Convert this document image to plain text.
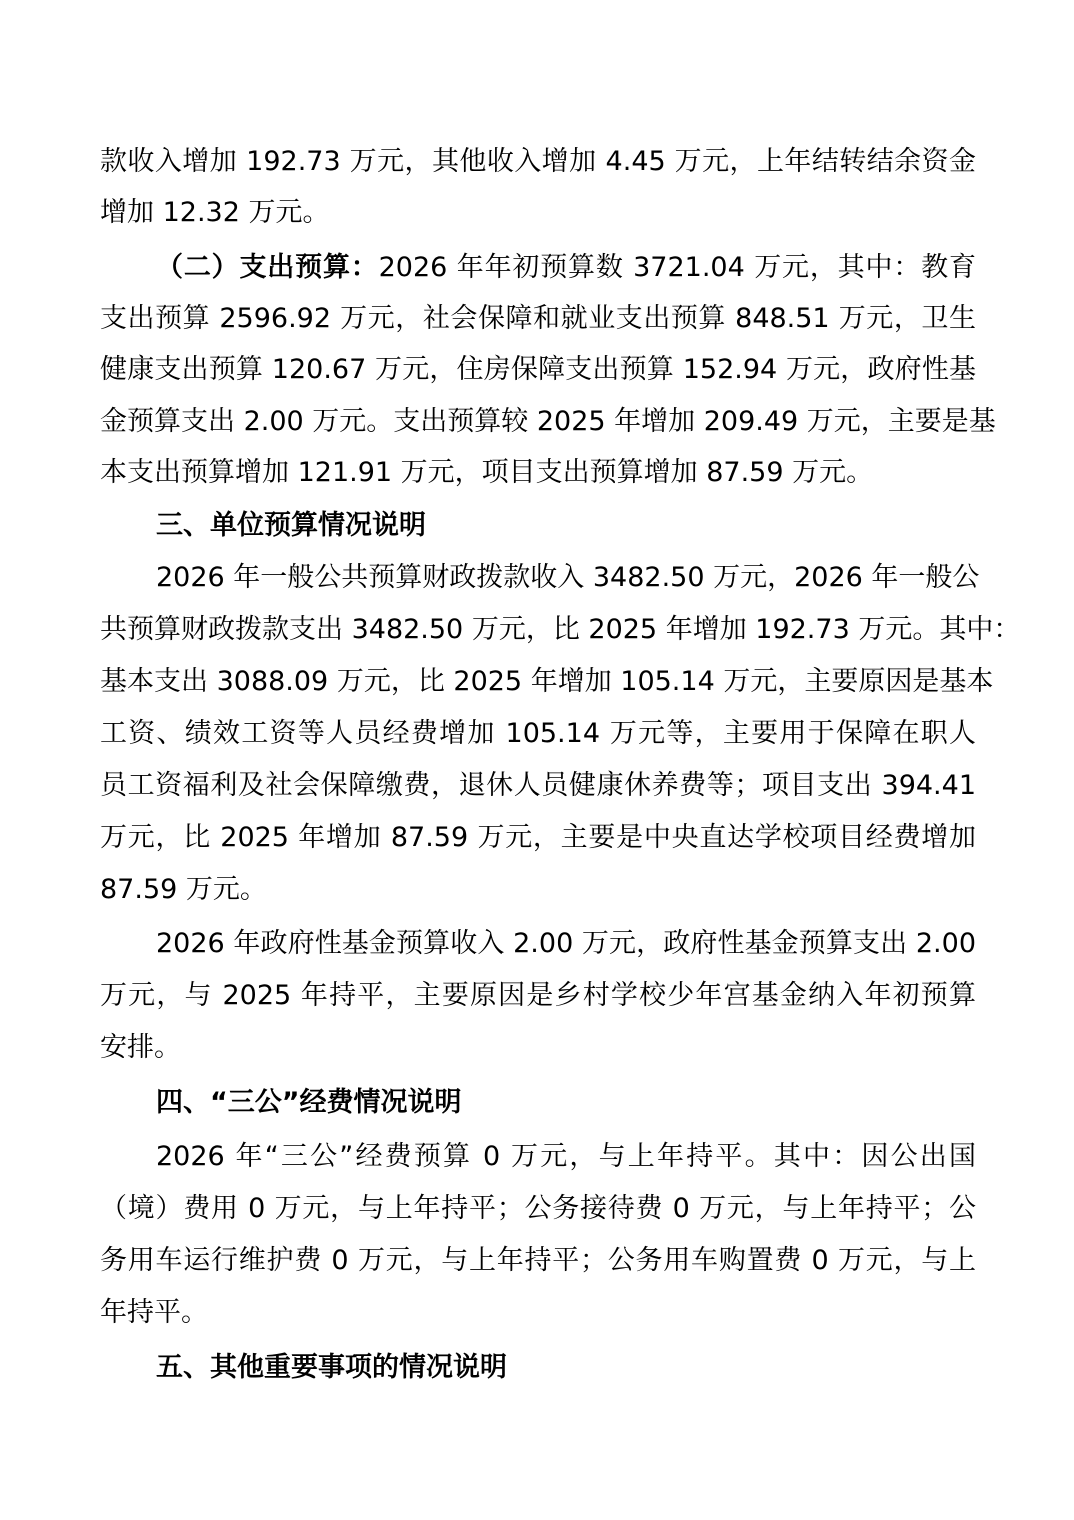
款收入增加 192.73 万元，其他收入增加 4.45 万元，上年结转结余资金
增加 12.32 万元。
（二）支出预算：2026 年年初预算数 3721.04 万元，其中：教育
支出预算 2596.92 万元，社会保障和就业支出预算 848.51 万元，卫生
健康支出预算 120.67 万元，住房保障支出预算 152.94 万元，政府性基
金预算支出 2.00 万元。支出预算较 2025 年增加 209.49 万元，主要是基
本支出预算增加 121.91 万元，项目支出预算增加 87.59 万元。
三、单位预算情况说明
2026 年一般公共预算财政拨款收入 3482.50 万元，2026 年一般公
共预算财政拨款支出 3482.50 万元，比 2025 年增加 192.73 万元。其中：
基本支出 3088.09 万元，比 2025 年增加 105.14 万元，主要原因是基本
工资、绩效工资等人员经费增加 105.14 万元等，主要用于保障在职人
员工资福利及社会保障缴费，退休人员健康休养费等；项目支出 394.41
万元，比 2025 年增加 87.59 万元，主要是中央直达学校项目经费增加
87.59 万元。
2026 年政府性基金预算收入 2.00 万元，政府性基金预算支出 2.00
万元，与 2025 年持平，主要原因是乡村学校少年宫基金纳入年初预算
安排。
四、“三公”经费情况说明
2026 年“三公”经费预算 0 万元，与上年持平。其中：因公出国
（境）费用 0 万元，与上年持平；公务接待费 0 万元，与上年持平；公
务用车运行维护费 0 万元，与上年持平；公务用车购置费 0 万元，与上
年持平。
五、其他重要事项的情况说明
